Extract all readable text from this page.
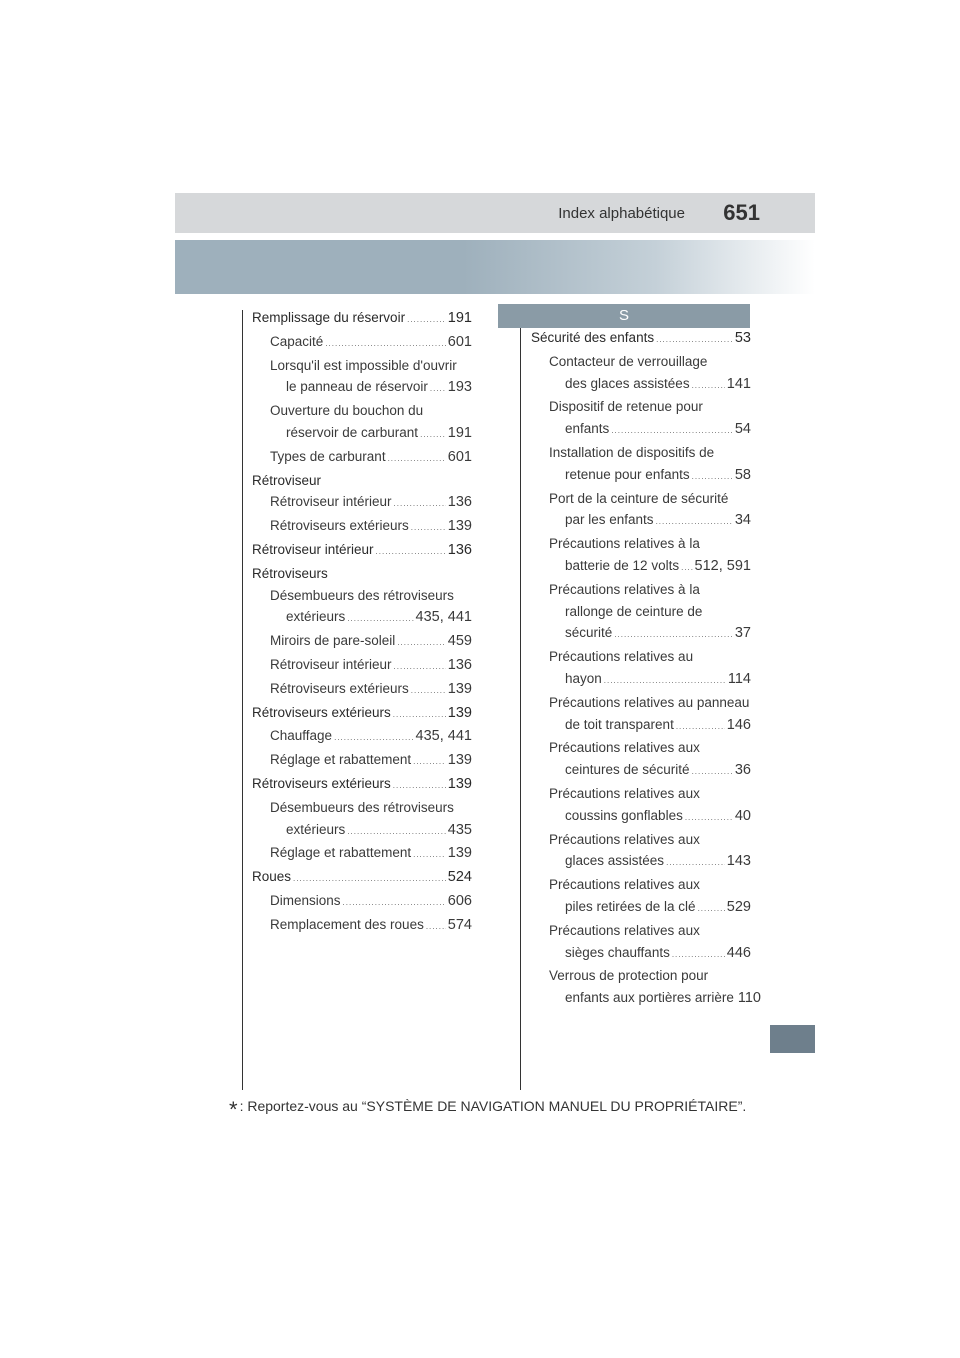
Index alphabétique 651
Remplissage du réservoir .....	191
Capacité .....	601
Lorsqu'il est impossible d'ouvrir
le panneau de réservoir ..... 193
Ouverture du bouchon du
réservoir de carburant ..... 191
Types de carburant .....	601
Rétroviseur
Rétroviseur intérieur .....	136
Rétroviseurs extérieurs .....	139
Rétroviseur intérieur .....	136
Rétroviseurs
Désembueurs des rétroviseurs
extérieurs .....	435, 441
Miroirs de pare-soleil .....	459
Rétroviseur intérieur .....	136
Rétroviseurs extérieurs .....	139
Rétroviseurs extérieurs .....	139
Chauffage .....	435, 441
Réglage et rabattement .....	139
Rétroviseurs extérieurs .....	139
Désembueurs des rétroviseurs
extérieurs .....	435
Réglage et rabattement .....	139
Roues .....	524
Dimensions .....	606
Remplacement des roues ..... 574
S
Sécurité des enfants .....	53
Contacteur de verrouillage
des glaces assistées .....	141
Dispositif de retenue pour
enfants .....	54
Installation de dispositifs de
retenue pour enfants .....	58
Port de la ceinture de sécurité
par les enfants .....	34
Précautions relatives à la
batterie de 12 volts ..... 512, 591
Précautions relatives à la
rallonge de ceinture de
sécurité .....	37
Précautions relatives au
hayon .....	114
Précautions relatives au panneau
de toit transparent .....	146
Précautions relatives aux
ceintures de sécurité .....	36
Précautions relatives aux
coussins gonflables .....	40
Précautions relatives aux
glaces assistées .....	143
Précautions relatives aux
piles retirées de la clé ..... 529
Précautions relatives aux
sièges chauffants .....	446
Verrous de protection pour
enfants aux portières arrière 110
* : Reportez-vous au “SYSTÈME DE NAVIGATION MANUEL DU PROPRIÉTAIRE”.
